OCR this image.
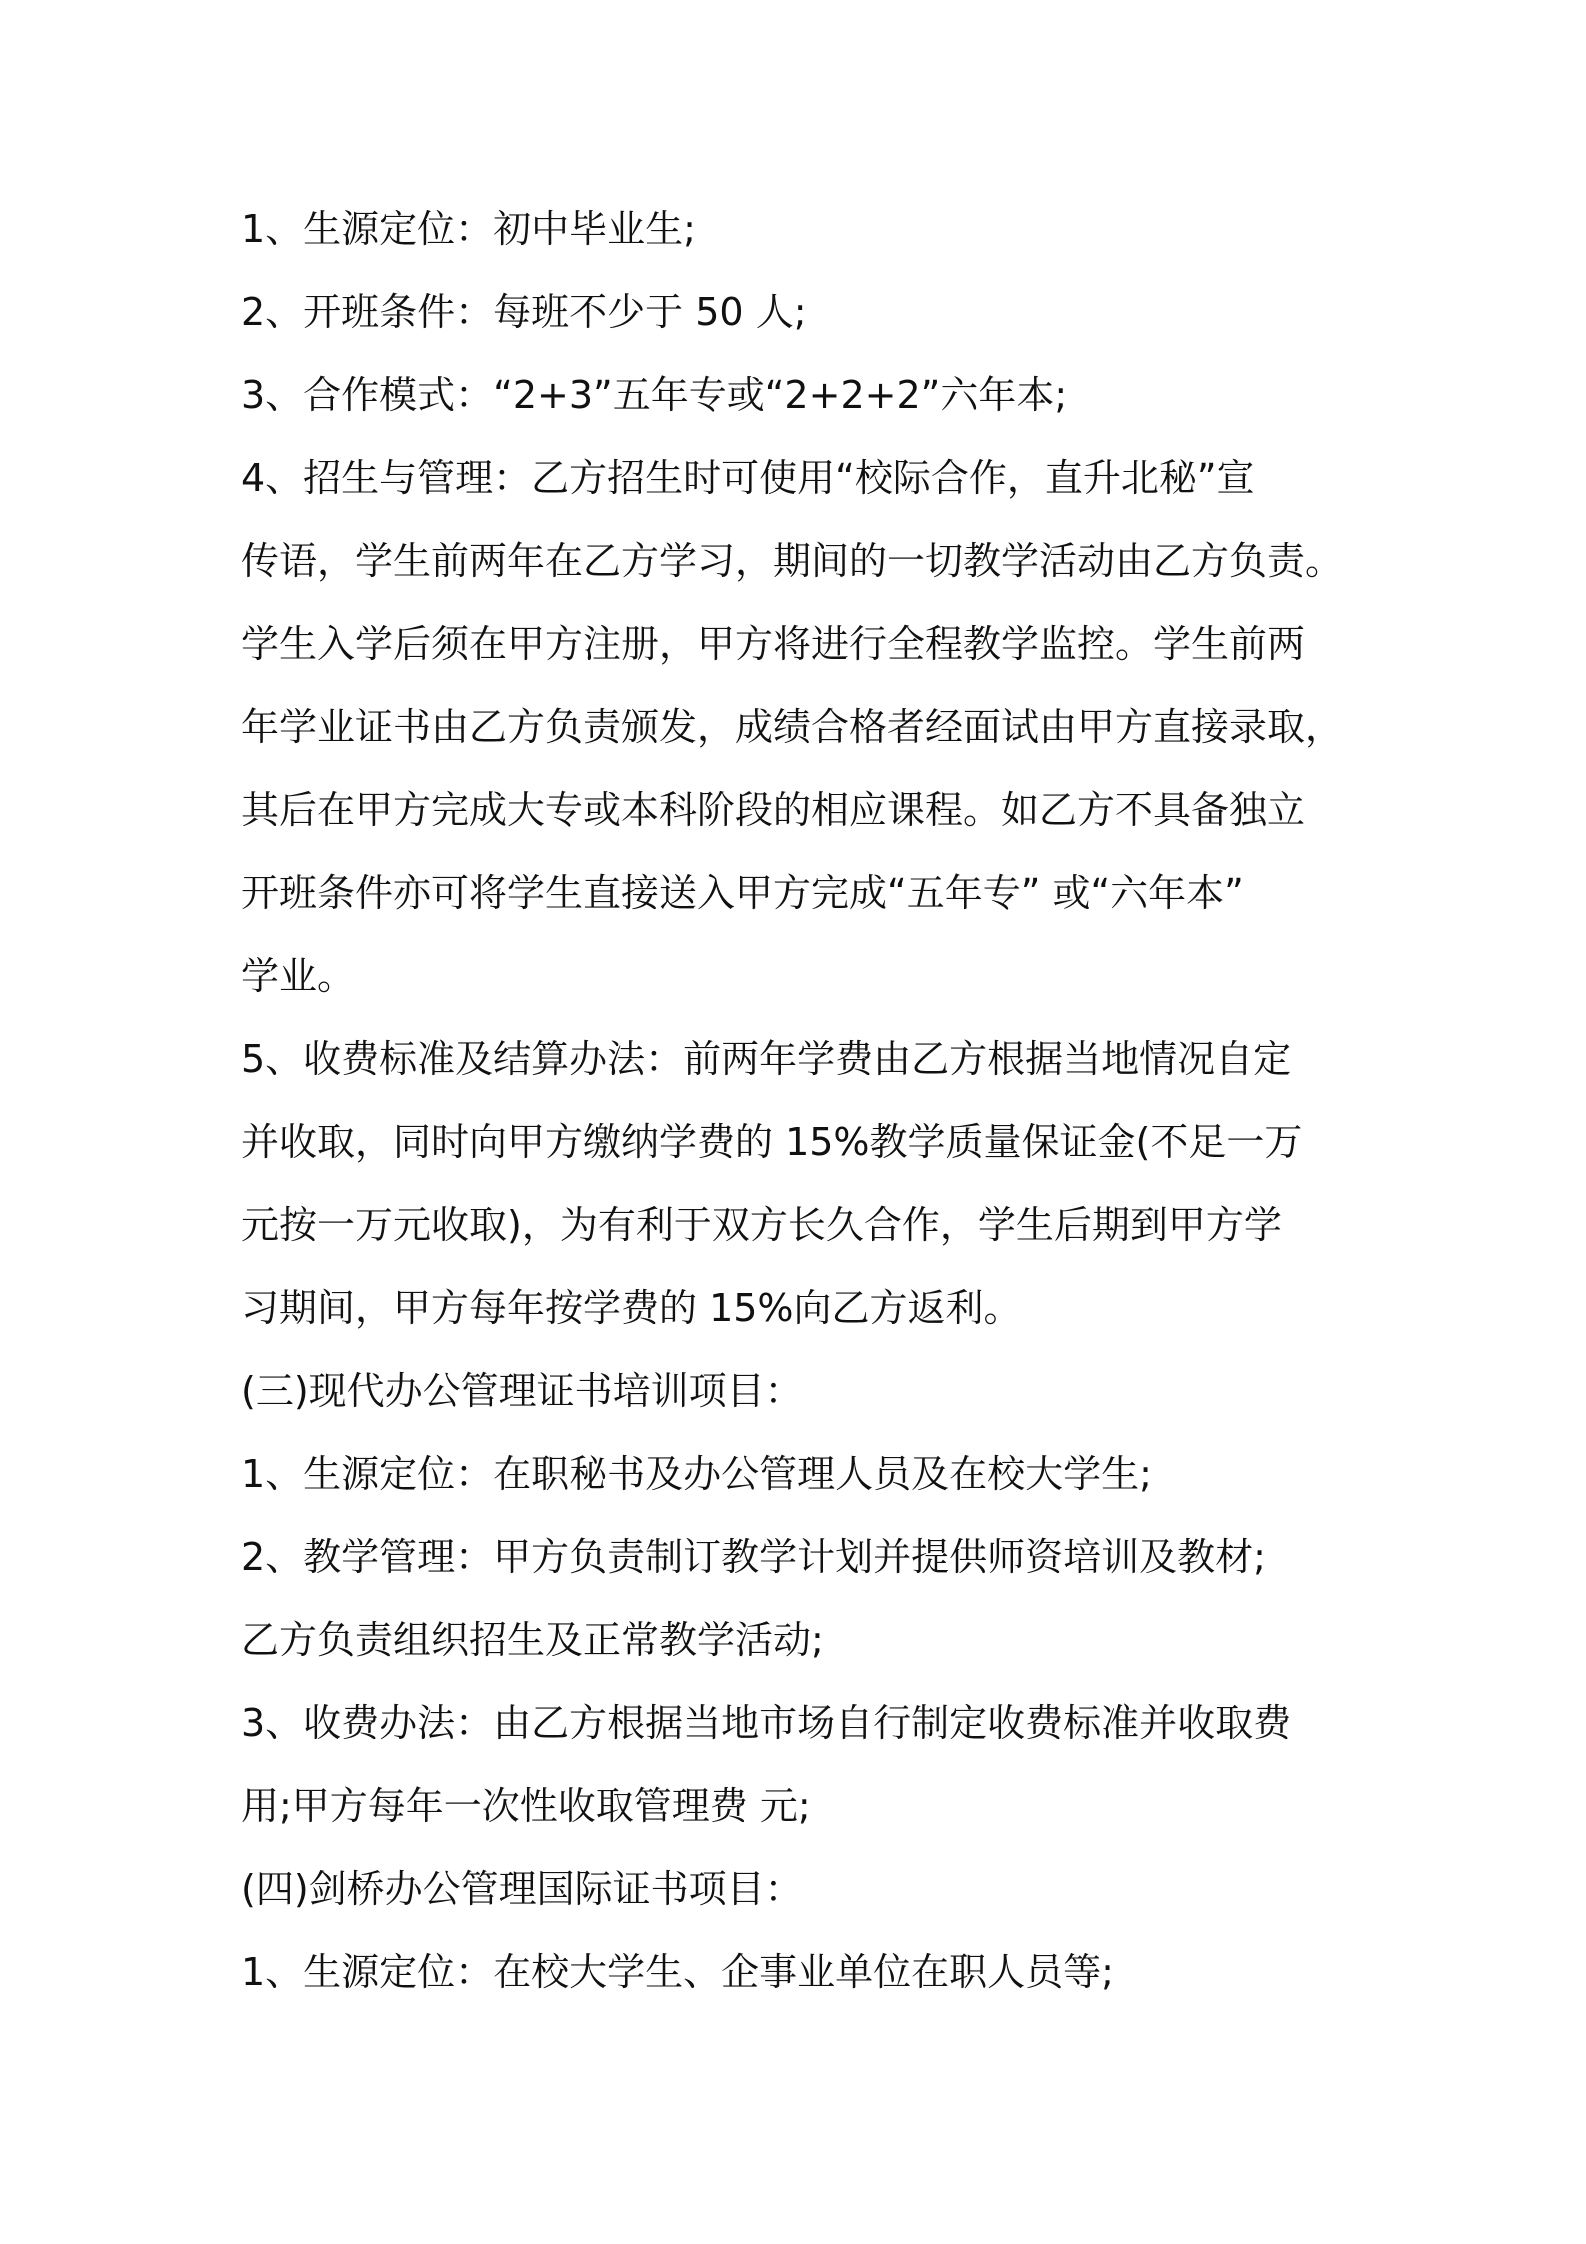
1、生源定位：初中毕业生;
2、开班条件：每班不少于 50 人;
3、合作模式：“2+3”五年专或“2+2+2”六年本;
4、招生与管理：乙方招生时可使用“校际合作，直升北秘”宣
传语，学生前两年在乙方学习，期间的一切教学活动由乙方负责。
学生入学后须在甲方注册，甲方将进行全程教学监控。学生前两
年学业证书由乙方负责颁发，成绩合格者经面试由甲方直接录取，
其后在甲方完成大专或本科阶段的相应课程。如乙方不具备独立
开班条件亦可将学生直接送入甲方完成“五年专” 或“六年本”
学业。
5、收费标准及结算办法：前两年学费由乙方根据当地情况自定
并收取，同时向甲方缴纳学费的 15%教学质量保证金(不足一万
元按一万元收取)，为有利于双方长久合作，学生后期到甲方学
习期间，甲方每年按学费的 15%向乙方返利。
(三)现代办公管理证书培训项目：
1、生源定位：在职秘书及办公管理人员及在校大学生;
2、教学管理：甲方负责制订教学计划并提供师资培训及教材;
乙方负责组织招生及正常教学活动;
3、收费办法：由乙方根据当地市场自行制定收费标准并收取费
用;甲方每年一次性收取管理费 元;
(四)剑桥办公管理国际证书项目：
1、生源定位：在校大学生、企事业单位在职人员等;
